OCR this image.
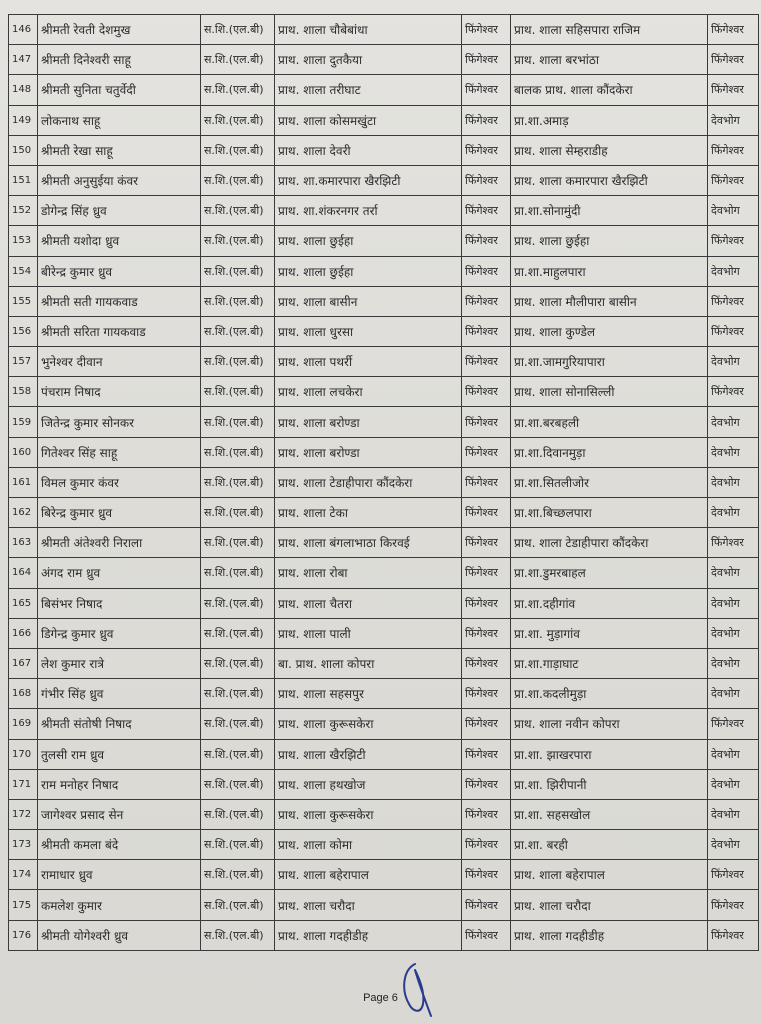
146	श्रीमती रेवती देशमुख	स.शि.(एल.बी)	प्राथ. शाला चौबेबांधा	फिंगेश्वर	प्राथ. शाला सहिसपारा राजिम	फिंगेश्वर
147	श्रीमती दिनेश्वरी साहू	स.शि.(एल.बी)	प्राथ. शाला दुतकैया	फिंगेश्वर	प्राथ. शाला बरभांठा	फिंगेश्वर
148	श्रीमती सुनिता चतुर्वेदी	स.शि.(एल.बी)	प्राथ. शाला तरीघाट	फिंगेश्वर	बालक प्राथ. शाला कौंदकेरा	फिंगेश्वर
149	लोकनाथ साहू	स.शि.(एल.बी)	प्राथ. शाला कोसमखुंटा	फिंगेश्वर	प्रा.शा.अमाड़	देवभोग
150	श्रीमती रेखा साहू	स.शि.(एल.बी)	प्राथ. शाला देवरी	फिंगेश्वर	प्राथ. शाला सेम्हराडीह	फिंगेश्वर
151	श्रीमती अनुसुईया कंवर	स.शि.(एल.बी)	प्राथ. शा.कमारपारा खैरझिटी	फिंगेश्वर	प्राथ. शाला कमारपारा खैरझिटी	फिंगेश्वर
152	डोगेन्द्र सिंह ध्रुव	स.शि.(एल.बी)	प्राथ. शा.शंकरनगर तर्रा	फिंगेश्वर	प्रा.शा.सोनामुंदी	देवभोग
153	श्रीमती यशोदा ध्रुव	स.शि.(एल.बी)	प्राथ. शाला छुईहा	फिंगेश्वर	प्राथ. शाला छुईहा	फिंगेश्वर
154	बीरेन्द्र कुमार ध्रुव	स.शि.(एल.बी)	प्राथ. शाला छुईहा	फिंगेश्वर	प्रा.शा.माहुलपारा	देवभोग
155	श्रीमती सती गायकवाड	स.शि.(एल.बी)	प्राथ. शाला बासीन	फिंगेश्वर	प्राथ. शाला मौलीपारा बासीन	फिंगेश्वर
156	श्रीमती सरिता गायकवाड	स.शि.(एल.बी)	प्राथ. शाला धुरसा	फिंगेश्वर	प्राथ. शाला कुण्डेल	फिंगेश्वर
157	भुनेश्वर दीवान	स.शि.(एल.बी)	प्राथ. शाला पथर्री	फिंगेश्वर	प्रा.शा.जामगुरियापारा	देवभोग
158	पंचराम निषाद	स.शि.(एल.बी)	प्राथ. शाला लचकेरा	फिंगेश्वर	प्राथ. शाला सोनासिल्ली	फिंगेश्वर
159	जितेन्द्र कुमार सोनकर	स.शि.(एल.बी)	प्राथ. शाला बरोण्डा	फिंगेश्वर	प्रा.शा.बरबहली	देवभोग
160	गितेश्वर सिंह साहू	स.शि.(एल.बी)	प्राथ. शाला बरोण्डा	फिंगेश्वर	प्रा.शा.दिवानमुड़ा	देवभोग
161	विमल कुमार कंवर	स.शि.(एल.बी)	प्राथ. शाला टेडाहीपारा कौंदकेरा	फिंगेश्वर	प्रा.शा.सितलीजोर	देवभोग
162	बिरेन्द्र कुमार ध्रुव	स.शि.(एल.बी)	प्राथ. शाला टेका	फिंगेश्वर	प्रा.शा.बिच्छलपारा	देवभोग
163	श्रीमती अंतेश्वरी निराला	स.शि.(एल.बी)	प्राथ. शाला बंगलाभाठा किरवई	फिंगेश्वर	प्राथ. शाला टेडाहीपारा कौंदकेरा	फिंगेश्वर
164	अंगद राम ध्रुव	स.शि.(एल.बी)	प्राथ. शाला रोबा	फिंगेश्वर	प्रा.शा.डुमरबाहल	देवभोग
165	बिसंभर निषाद	स.शि.(एल.बी)	प्राथ. शाला चैतरा	फिंगेश्वर	प्रा.शा.दहीगांव	देवभोग
166	डिगेन्द्र कुमार ध्रुव	स.शि.(एल.बी)	प्राथ. शाला पाली	फिंगेश्वर	प्रा.शा. मुड़ागांव	देवभोग
167	लेश कुमार रात्रे	स.शि.(एल.बी)	बा. प्राथ. शाला कोपरा	फिंगेश्वर	प्रा.शा.गाड़ाघाट	देवभोग
168	गंभीर सिंह ध्रुव	स.शि.(एल.बी)	प्राथ. शाला सहसपुर	फिंगेश्वर	प्रा.शा.कदलीमुड़ा	देवभोग
169	श्रीमती संतोषी निषाद	स.शि.(एल.बी)	प्राथ. शाला कुरूसकेरा	फिंगेश्वर	प्राथ. शाला नवीन कोपरा	फिंगेश्वर
170	तुलसी राम ध्रुव	स.शि.(एल.बी)	प्राथ. शाला खैरझिटी	फिंगेश्वर	प्रा.शा. झाखरपारा	देवभोग
171	राम मनोहर निषाद	स.शि.(एल.बी)	प्राथ. शाला हथखोज	फिंगेश्वर	प्रा.शा. झिरीपानी	देवभोग
172	जागेश्वर प्रसाद सेन	स.शि.(एल.बी)	प्राथ. शाला कुरूसकेरा	फिंगेश्वर	प्रा.शा. सहसखोल	देवभोग
173	श्रीमती कमला बंदे	स.शि.(एल.बी)	प्राथ. शाला कोमा	फिंगेश्वर	प्रा.शा. बरही	देवभोग
174	रामाधार ध्रुव	स.शि.(एल.बी)	प्राथ. शाला बहेरापाल	फिंगेश्वर	प्राथ. शाला बहेरापाल	फिंगेश्वर
175	कमलेश कुमार	स.शि.(एल.बी)	प्राथ. शाला चरौदा	फिंगेश्वर	प्राथ. शाला चरौदा	फिंगेश्वर
176	श्रीमती योगेश्वरी ध्रुव	स.शि.(एल.बी)	प्राथ. शाला गदहीडीह	फिंगेश्वर	प्राथ. शाला गदहीडीह	फिंगेश्वर
Page 6
